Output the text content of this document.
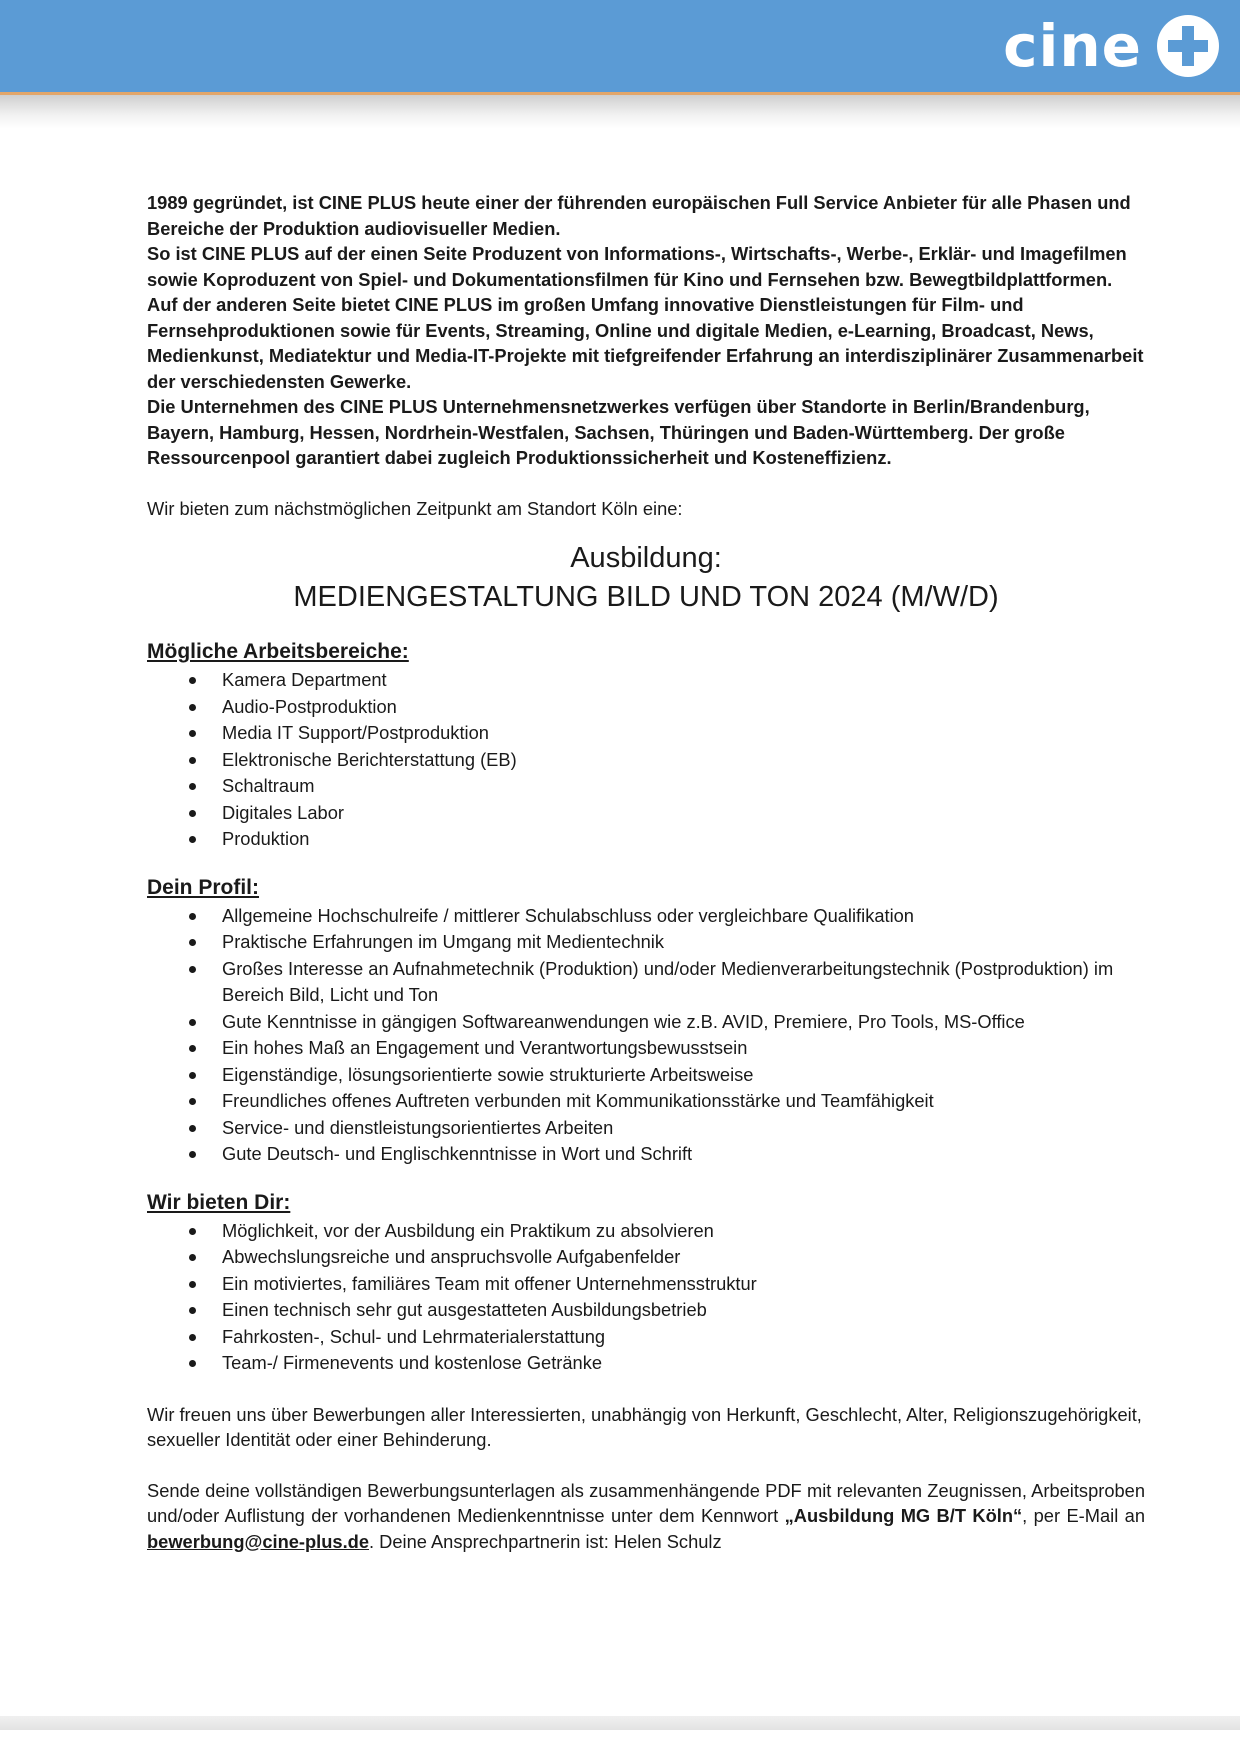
cine

1989 gegründet, ist CINE PLUS heute einer der führenden europäischen Full Service Anbieter für alle Phasen und Bereiche der Produktion audiovisueller Medien.

So ist CINE PLUS auf der einen Seite Produzent von Informations-, Wirtschafts-, Werbe-, Erklär- und Imagefilmen sowie Koproduzent von Spiel- und Dokumentationsfilmen für Kino und Fernsehen bzw. Bewegtbildplattformen. Auf der anderen Seite bietet CINE PLUS im großen Umfang innovative Dienstleistungen für Film- und Fernsehproduktionen sowie für Events, Streaming, Online und digitale Medien, e-Learning, Broadcast, News, Medienkunst, Mediatektur und Media-IT-Projekte mit tiefgreifender Erfahrung an interdisziplinärer Zusammenarbeit der verschiedensten Gewerke.

Die Unternehmen des CINE PLUS Unternehmensnetzwerkes verfügen über Standorte in Berlin/Brandenburg, Bayern, Hamburg, Hessen, Nordrhein-Westfalen, Sachsen, Thüringen und Baden-Württemberg. Der große Ressourcenpool garantiert dabei zugleich Produktionssicherheit und Kosteneffizienz.

Wir bieten zum nächstmöglichen Zeitpunkt am Standort Köln eine:

Ausbildung:
MEDIENGESTALTUNG BILD UND TON 2024 (M/W/D)
Mögliche Arbeitsbereiche:
Kamera Department
Audio-Postproduktion
Media IT Support/Postproduktion
Elektronische Berichterstattung (EB)
Schaltraum
Digitales Labor
Produktion
Dein Profil:
Allgemeine Hochschulreife / mittlerer Schulabschluss oder vergleichbare Qualifikation
Praktische Erfahrungen im Umgang mit Medientechnik
Großes Interesse an Aufnahmetechnik (Produktion) und/oder Medienverarbeitungstechnik (Postproduktion) im Bereich Bild, Licht und Ton
Gute Kenntnisse in gängigen Softwareanwendungen wie z.B. AVID, Premiere, Pro Tools, MS-Office
Ein hohes Maß an Engagement und Verantwortungsbewusstsein
Eigenständige, lösungsorientierte sowie strukturierte Arbeitsweise
Freundliches offenes Auftreten verbunden mit Kommunikationsstärke und Teamfähigkeit
Service- und dienstleistungsorientiertes Arbeiten
Gute Deutsch- und Englischkenntnisse in Wort und Schrift
Wir bieten Dir:
Möglichkeit, vor der Ausbildung ein Praktikum zu absolvieren
Abwechslungsreiche und anspruchsvolle Aufgabenfelder
Ein motiviertes, familiäres Team mit offener Unternehmensstruktur
Einen technisch sehr gut ausgestatteten Ausbildungsbetrieb
Fahrkosten-, Schul- und Lehrmaterialerstattung
Team-/ Firmenevents und kostenlose Getränke

Wir freuen uns über Bewerbungen aller Interessierten, unabhängig von Herkunft, Geschlecht, Alter, Religionszugehörigkeit, sexueller Identität oder einer Behinderung.

Sende deine vollständigen Bewerbungsunterlagen als zusammenhängende PDF mit relevanten Zeugnissen, Arbeitsproben und/oder Auflistung der vorhandenen Medienkenntnisse unter dem Kennwort „Ausbildung MG B/T Köln“, per E-Mail an bewerbung@cine-plus.de. Deine Ansprechpartnerin ist: Helen Schulz
